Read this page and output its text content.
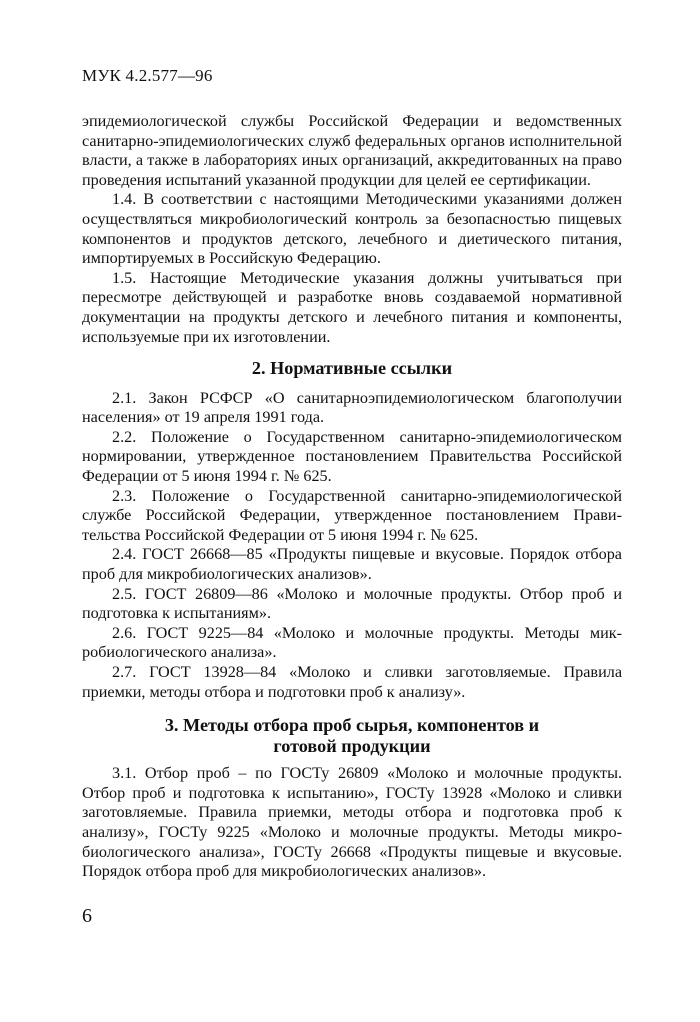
МУК 4.2.577—96

эпидемиологической службы Российской Федерации и ведомственных санитарно-эпидемиологических служб федеральных органов исполнительной власти, а также в лабораториях иных организаций, аккредитованных на право проведения испытаний указанной продукции для целей ее сертификации.

1.4. В соответствии с настоящими Методическими указаниями должен осуществляться микробиологический контроль за безопасностью пищевых компонентов и продуктов детского, лечебного и диетического питания, импортируемых в Российскую Федерацию.

1.5. Настоящие Методические указания должны учитываться при пересмотре действующей и разработке вновь создаваемой нормативной документации на продукты детского и лечебного питания и компоненты, используемые при их изготовлении.

2. Нормативные ссылки

2.1. Закон РСФСР «О санитарноэпидемиологическом благополучии населения» от 19 апреля 1991 года.

2.2. Положение о Государственном санитарно-эпидемиологическом нормировании, утвержденное постановлением Правительства Российской Федерации от 5 июня 1994 г. № 625.

2.3. Положение о Государственной санитарно-эпидемиологической службе Российской Федерации, утвержденное постановлением Правительства Российской Федерации от 5 июня 1994 г. № 625.

2.4. ГОСТ 26668—85 «Продукты пищевые и вкусовые. Порядок отбора проб для микробиологических анализов».

2.5. ГОСТ 26809—86 «Молоко и молочные продукты. Отбор проб и подготовка к испытаниям».

2.6. ГОСТ 9225—84 «Молоко и молочные продукты. Методы микробиологического анализа».

2.7. ГОСТ 13928—84 «Молоко и сливки заготовляемые. Правила приемки, методы отбора и подготовки проб к анализу».

3. Методы отбора проб сырья, компонентов и
готовой продукции

3.1. Отбор проб – по ГОСТу 26809 «Молоко и молочные продукты. Отбор проб и подготовка к испытанию», ГОСТу 13928 «Молоко и сливки заготовляемые. Правила приемки, методы отбора и подготовка проб к анализу», ГОСТу 9225 «Молоко и молочные продукты. Методы микробиологического анализа», ГОСТу 26668 «Продукты пищевые и вкусовые. Порядок отбора проб для микробиологических анализов».

6
